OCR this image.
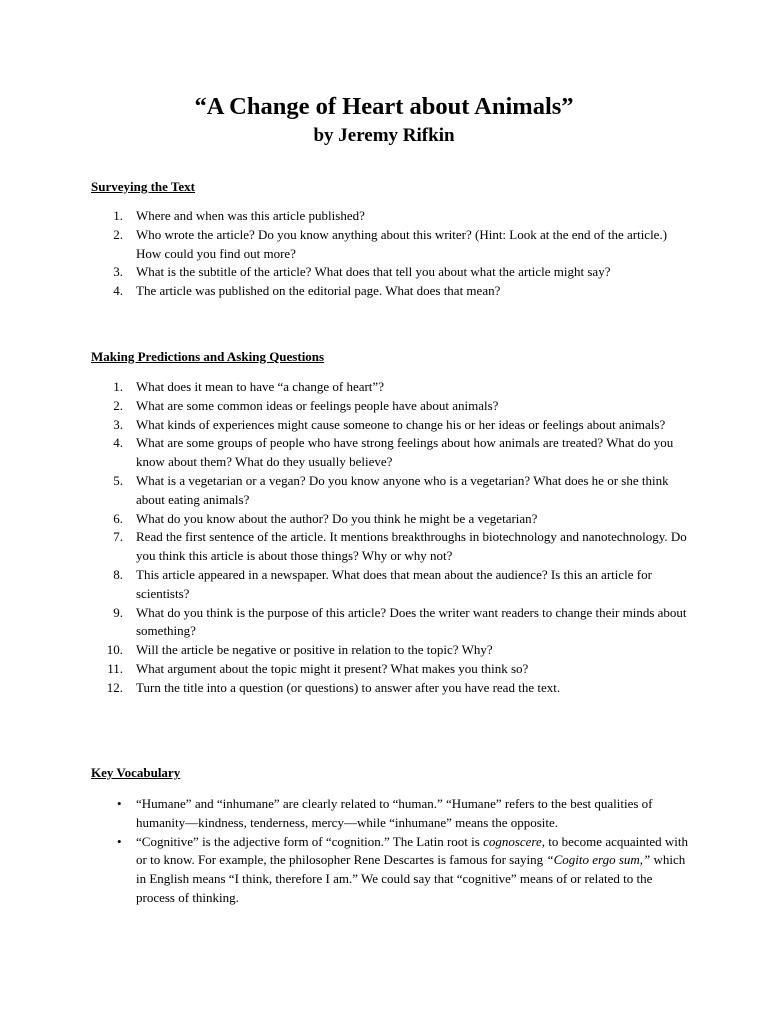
“A Change of Heart about Animals”
by Jeremy Rifkin
Surveying the Text
1. Where and when was this article published?
2. Who wrote the article? Do you know anything about this writer? (Hint: Look at the end of the article.) How could you find out more?
3. What is the subtitle of the article? What does that tell you about what the article might say?
4. The article was published on the editorial page. What does that mean?
Making Predictions and Asking Questions
1. What does it mean to have “a change of heart”?
2. What are some common ideas or feelings people have about animals?
3. What kinds of experiences might cause someone to change his or her ideas or feelings about animals?
4. What are some groups of people who have strong feelings about how animals are treated? What do you know about them? What do they usually believe?
5. What is a vegetarian or a vegan? Do you know anyone who is a vegetarian? What does he or she think about eating animals?
6. What do you know about the author? Do you think he might be a vegetarian?
7. Read the first sentence of the article. It mentions breakthroughs in biotechnology and nanotechnology. Do you think this article is about those things? Why or why not?
8. This article appeared in a newspaper. What does that mean about the audience? Is this an article for scientists?
9. What do you think is the purpose of this article? Does the writer want readers to change their minds about something?
10. Will the article be negative or positive in relation to the topic? Why?
11. What argument about the topic might it present? What makes you think so?
12. Turn the title into a question (or questions) to answer after you have read the text.
Key Vocabulary
• “Humane” and “inhumane” are clearly related to “human.” “Humane” refers to the best qualities of humanity—kindness, tenderness, mercy—while “inhumane” means the opposite.
• “Cognitive” is the adjective form of “cognition.” The Latin root is cognoscere, to become acquainted with or to know. For example, the philosopher Rene Descartes is famous for saying “Cogito ergo sum,” which in English means “I think, therefore I am.” We could say that “cognitive” means of or related to the process of thinking.
